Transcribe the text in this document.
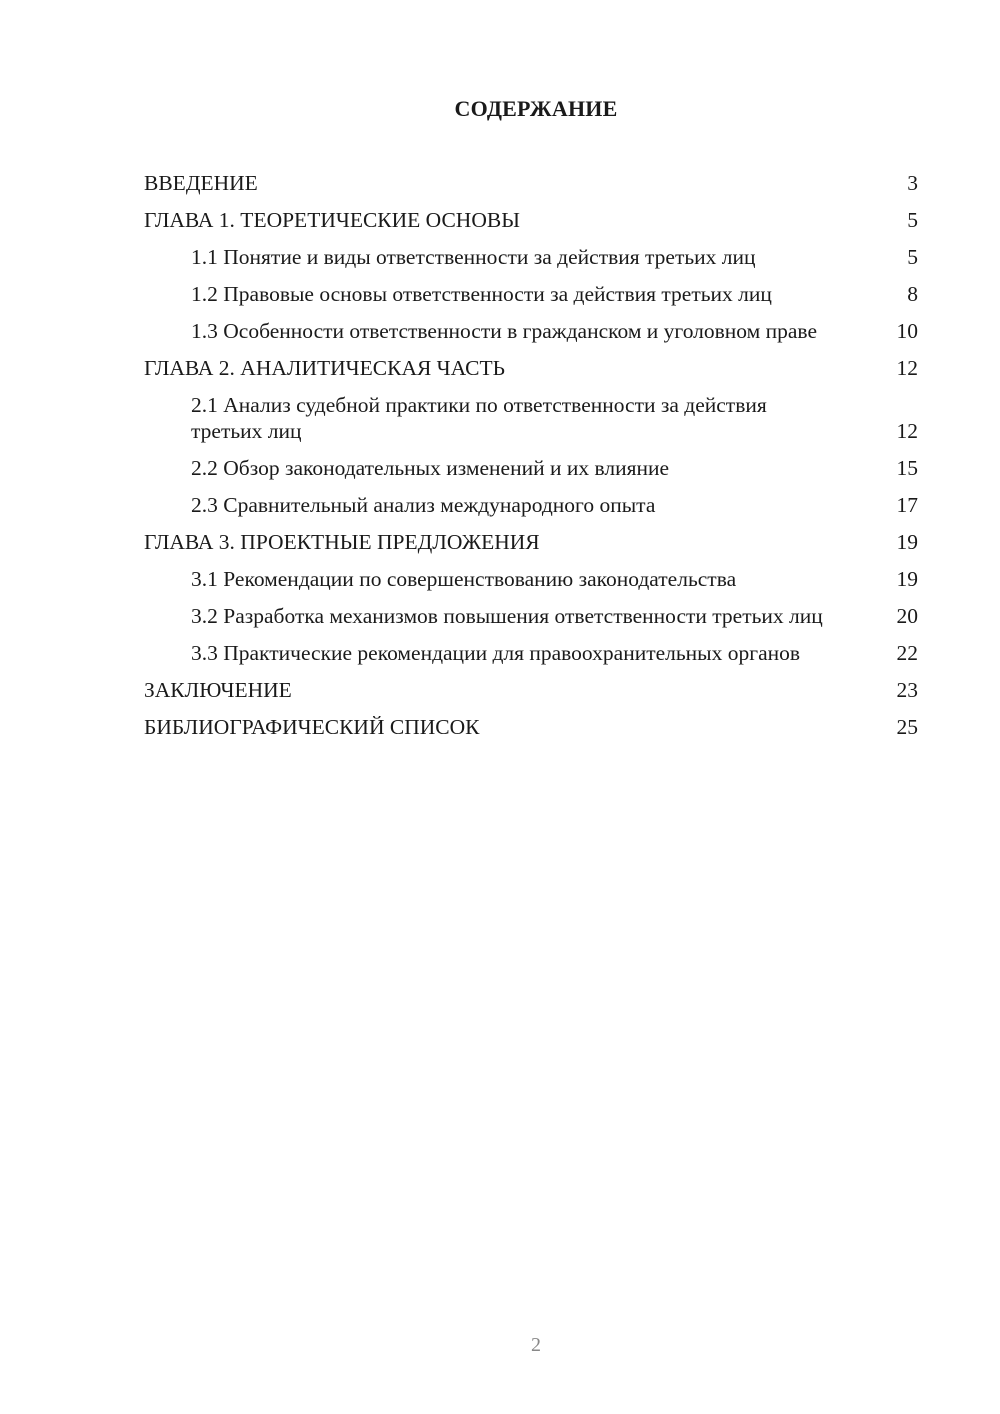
СОДЕРЖАНИЕ
ВВЕДЕНИЕ	3
ГЛАВА 1. ТЕОРЕТИЧЕСКИЕ ОСНОВЫ	5
1.1 Понятие и виды ответственности за действия третьих лиц	5
1.2 Правовые основы ответственности за действия третьих лиц	8
1.3 Особенности ответственности в гражданском и уголовном праве	10
ГЛАВА 2. АНАЛИТИЧЕСКАЯ ЧАСТЬ	12
2.1 Анализ судебной практики по ответственности за действия третьих лиц	12
2.2 Обзор законодательных изменений и их влияние	15
2.3 Сравнительный анализ международного опыта	17
ГЛАВА 3. ПРОЕКТНЫЕ ПРЕДЛОЖЕНИЯ	19
3.1 Рекомендации по совершенствованию законодательства	19
3.2 Разработка механизмов повышения ответственности третьих лиц	20
3.3 Практические рекомендации для правоохранительных органов	22
ЗАКЛЮЧЕНИЕ	23
БИБЛИОГРАФИЧЕСКИЙ СПИСОК	25
2
